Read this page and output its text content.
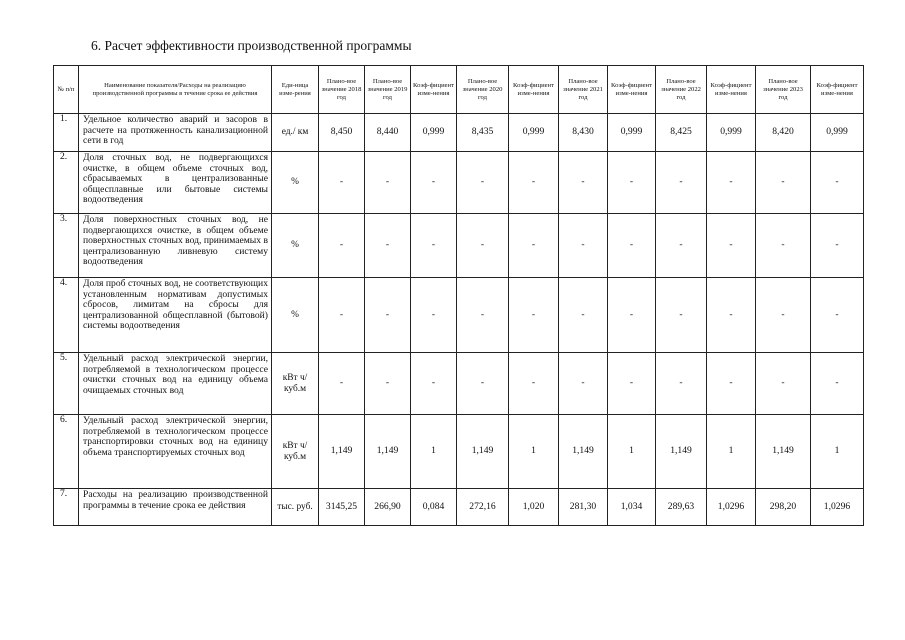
6. Расчет эффективности производственной программы
№ п/п	Наименование показателя/Расходы на реализацию производственной программы в течение срока ее действия	Еди-ница изме-рения	Плано-вое значение 2018 год	Плано-вое значение 2019 год	Коэф-фициент изме-нения	Плано-вое значение 2020 год	Коэф-фициент изме-нения	Плано-вое значение 2021 год	Коэф-фициент изме-нения	Плано-вое значение 2022 год	Коэф-фициент изме-нения	Плано-вое значение 2023 год	Коэф-фициент изме-нения
1.	Удельное количество аварий и засоров в расчете на протяженность канализационной сети в год	ед./ км	8,450	8,440	0,999	8,435	0,999	8,430	0,999	8,425	0,999	8,420	0,999
2.	Доля сточных вод, не подвергающихся очистке, в общем объеме сточных вод, сбрасываемых в централизованные общесплавные или бытовые системы водоотведения	%	-	-	-	-	-	-	-	-	-	-	-
3.	Доля поверхностных сточных вод, не подвергающихся очистке, в общем объеме поверхностных сточных вод, принимаемых в централизованную ливневую систему водоотведения	%	-	-	-	-	-	-	-	-	-	-	-
4.	Доля проб сточных вод, не соответствующих установленным нормативам допустимых сбросов, лимитам на сбросы для централизованной общесплавной (бытовой) системы водоотведения	%	-	-	-	-	-	-	-	-	-	-	-
5.	Удельный расход электрической энергии, потребляемой в технологическом процессе очистки сточных вод на единицу объема очищаемых сточных вод	кВт ч/куб.м	-	-	-	-	-	-	-	-	-	-	-
6.	Удельный расход электрической энергии, потребляемой в технологическом процессе транспортировки сточных вод на единицу объема транспортируемых сточных вод	кВт ч/куб.м	1,149	1,149	1	1,149	1	1,149	1	1,149	1	1,149	1
7.	Расходы на реализацию производственной программы в течение срока ее действия	тыс. руб.	3145,25	266,90	0,084	272,16	1,020	281,30	1,034	289,63	1,0296	298,20	1,0296
